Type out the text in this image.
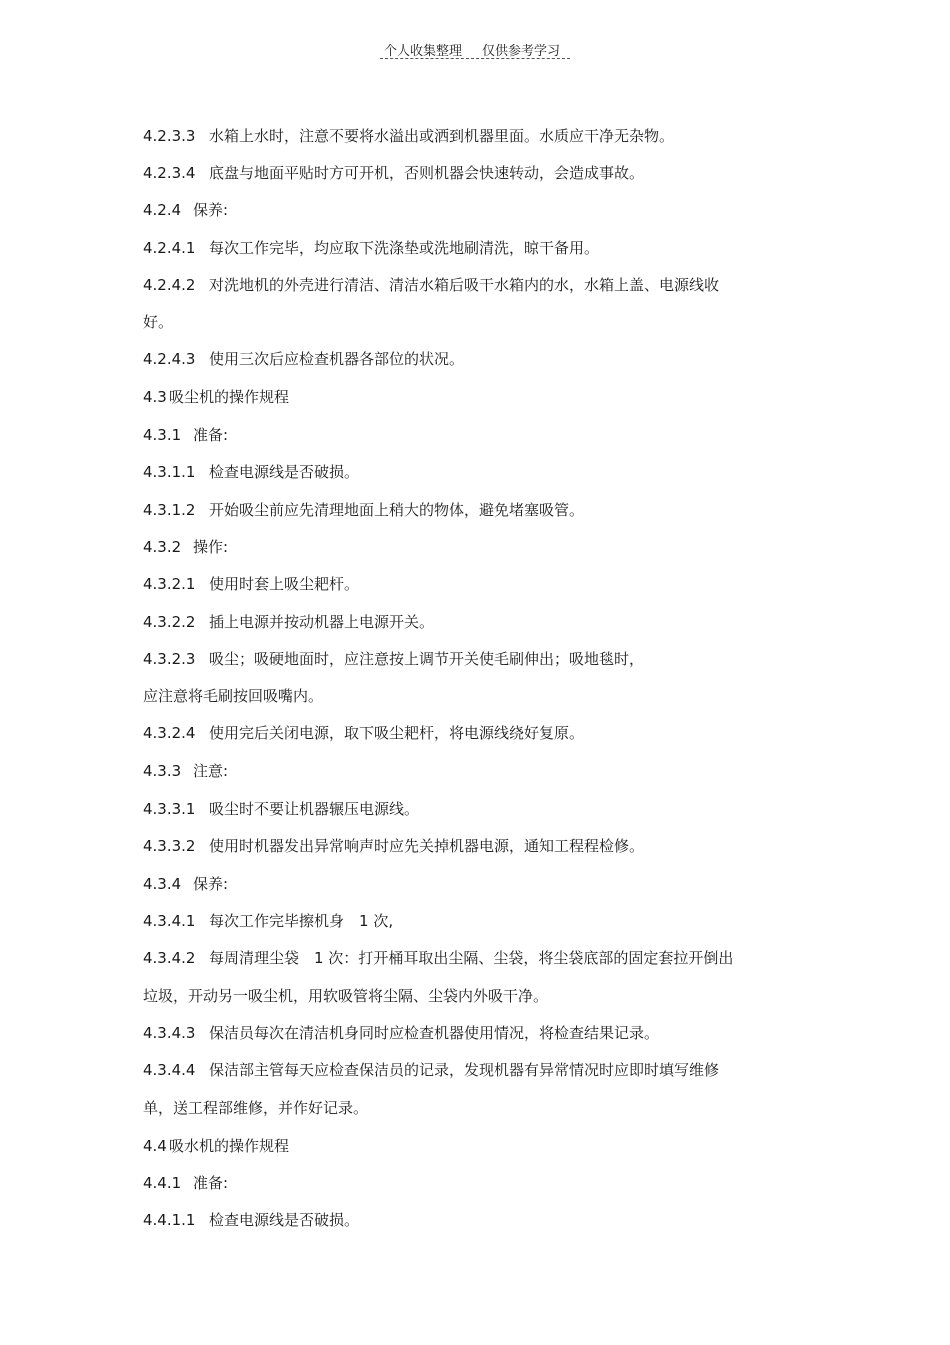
个人收集整理 仅供参考学习
4.2.3.3 水箱上水时，注意不要将水溢出或洒到机器里面。水质应干净无杂物。
4.2.3.4 底盘与地面平贴时方可开机，否则机器会快速转动，会造成事故。
4.2.4 保养:
4.2.4.1 每次工作完毕，均应取下洗涤垫或洗地刷清洗，晾干备用。
4.2.4.2 对洗地机的外壳进行清洁、清洁水箱后吸干水箱内的水，水箱上盖、电源线收
好。
4.2.4.3 使用三次后应检查机器各部位的状况。
4.3 吸尘机的操作规程
4.3.1 准备:
4.3.1.1 检查电源线是否破损。
4.3.1.2 开始吸尘前应先清理地面上稍大的物体，避免堵塞吸管。
4.3.2 操作:
4.3.2.1 使用时套上吸尘耙杆。
4.3.2.2 插上电源并按动机器上电源开关。
4.3.2.3 吸尘；吸硬地面时，应注意按上调节开关使毛刷伸出；吸地毯时，
应注意将毛刷按回吸嘴内。
4.3.2.4 使用完后关闭电源，取下吸尘耙杆，将电源线绕好复原。
4.3.3 注意:
4.3.3.1 吸尘时不要让机器辗压电源线。
4.3.3.2 使用时机器发出异常响声时应先关掉机器电源，通知工程程检修。
4.3.4 保养:
4.3.4.1 每次工作完毕擦机身　1 次,
4.3.4.2 每周清理尘袋　1 次：打开桶耳取出尘隔、尘袋，将尘袋底部的固定套拉开倒出
垃圾，开动另一吸尘机，用软吸管将尘隔、尘袋内外吸干净。
4.3.4.3 保洁员每次在清洁机身同时应检查机器使用情况，将检查结果记录。
4.3.4.4 保洁部主管每天应检查保洁员的记录，发现机器有异常情况时应即时填写维修
单，送工程部维修，并作好记录。
4.4 吸水机的操作规程
4.4.1 准备:
4.4.1.1 检查电源线是否破损。
